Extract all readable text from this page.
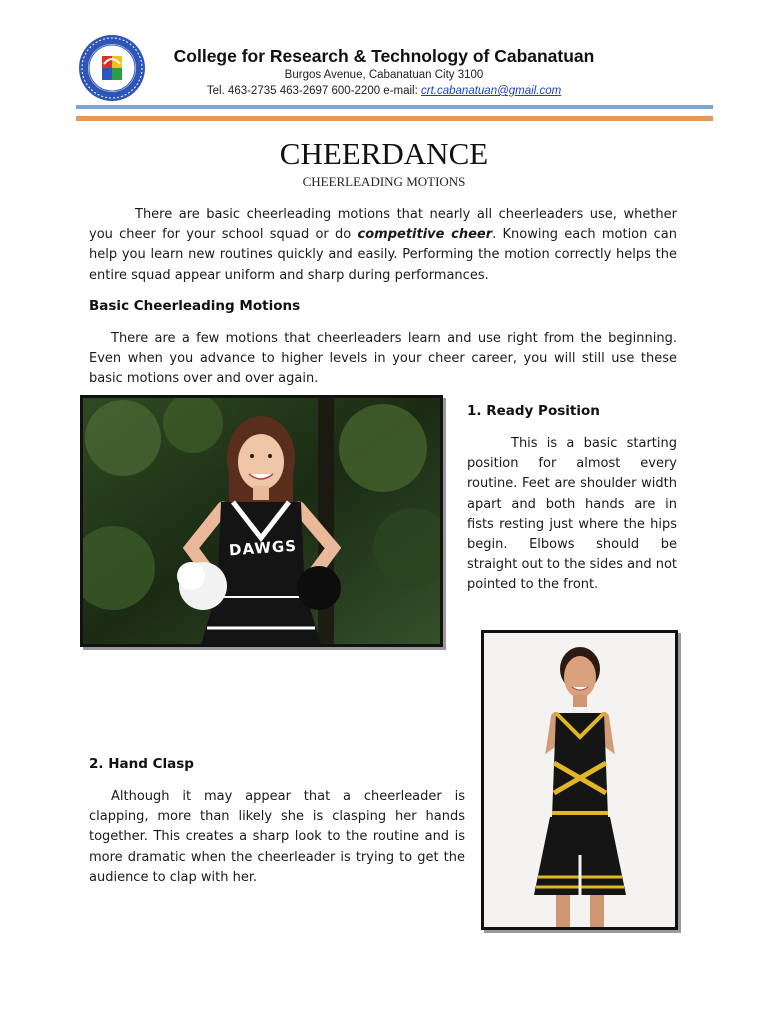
College for Research & Technology of Cabanatuan
Burgos Avenue, Cabanatuan City 3100
Tel. 463-2735 463-2697 600-2200 e-mail: crt.cabanatuan@gmail.com
CHEERDANCE
CHEERLEADING MOTIONS
There are basic cheerleading motions that nearly all cheerleaders use, whether you cheer for your school squad or do competitive cheer. Knowing each motion can help you learn new routines quickly and easily. Performing the motion correctly helps the entire squad appear uniform and sharp during performances.
Basic Cheerleading Motions
There are a few motions that cheerleaders learn and use right from the beginning. Even when you advance to higher levels in your cheer career, you will still use these basic motions over and over again.
DAWGS
1. Ready Position
This is a basic starting position for almost every routine. Feet are shoulder width apart and both hands are in fists resting just where the hips begin. Elbows should be straight out to the sides and not pointed to the front.
2. Hand Clasp
Although it may appear that a cheerleader is clapping, more than likely she is clasping her hands together. This creates a sharp look to the routine and is more dramatic when the cheerleader is trying to get the audience to clap with her.
